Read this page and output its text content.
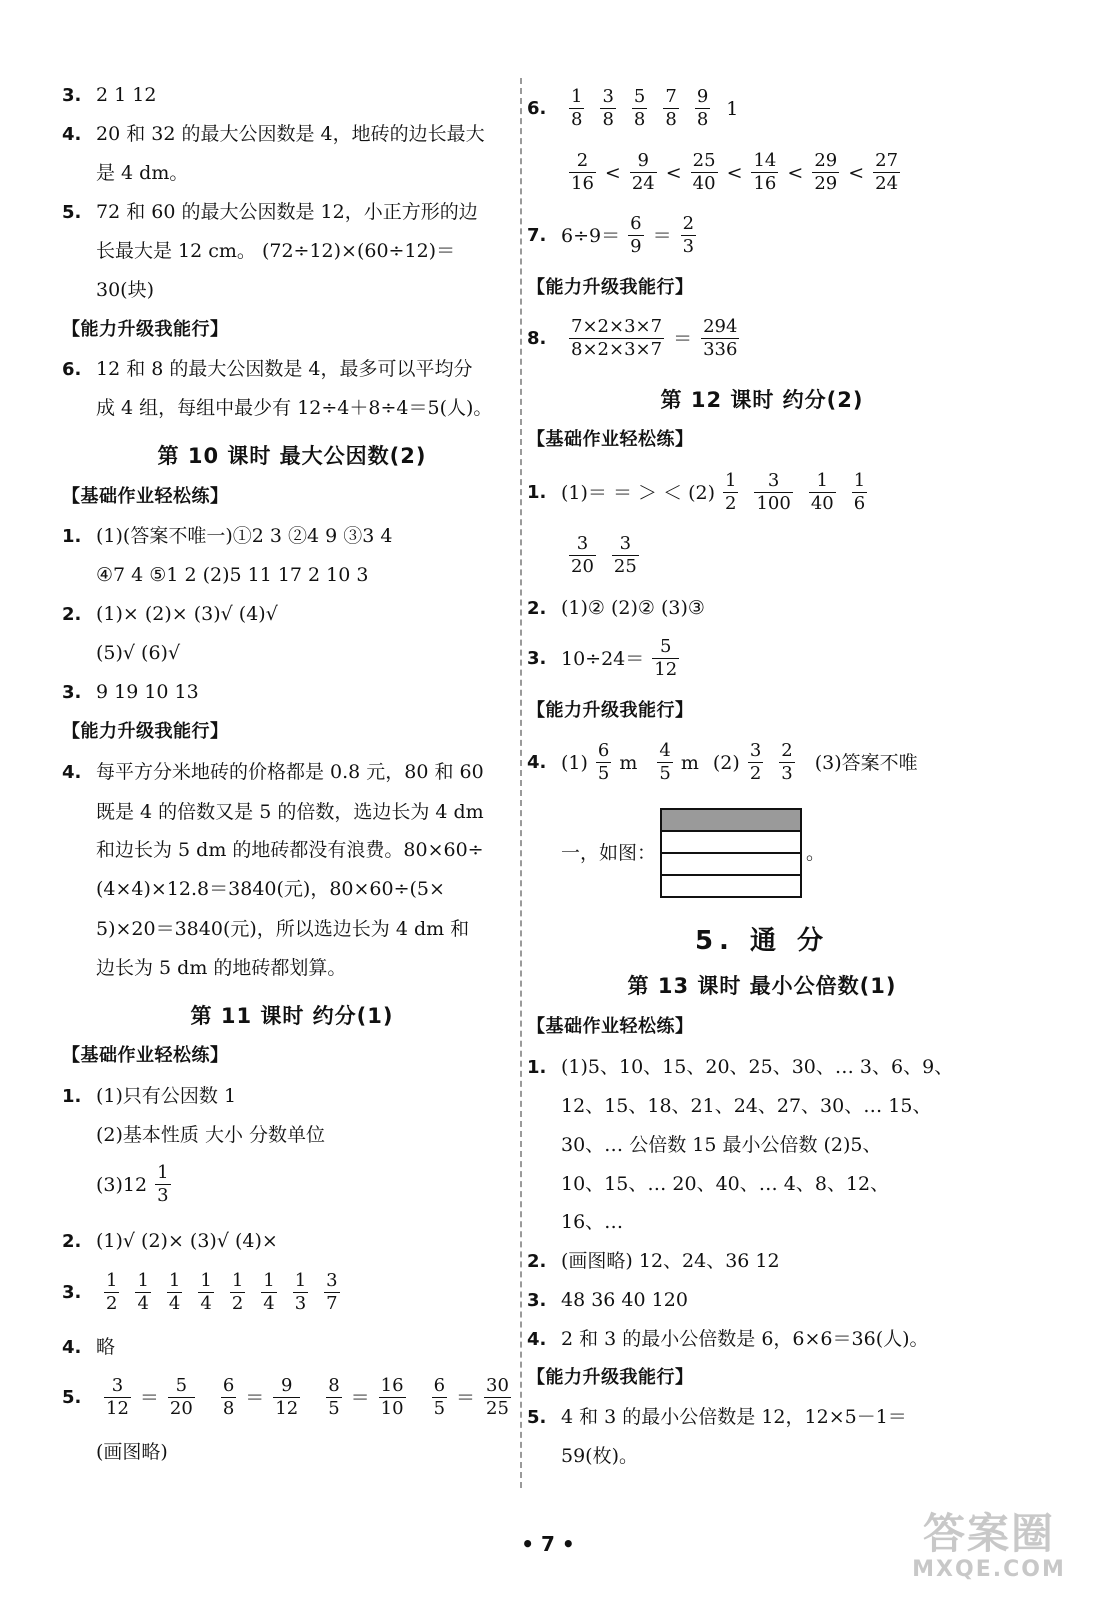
3. 2 1 12
4. 20 和 32 的最大公因数是 4，地砖的边长最大
是 4 dm。
5. 72 和 60 的最大公因数是 12，小正方形的边
长最大是 12 cm。 (72÷12)×(60÷12)＝
30(块)
【能力升级我能行】
6. 12 和 8 的最大公因数是 4，最多可以平均分
成 4 组，每组中最少有 12÷4＋8÷4＝5(人)。
第 10 课时 最大公因数(2)
【基础作业轻松练】
1. (1)(答案不唯一)①2 3 ②4 9 ③3 4
④7 4 ⑤1 2 (2)5 11 17 2 10 3
2. (1)× (2)× (3)√ (4)√
(5)√ (6)√
3. 9 19 10 13
【能力升级我能行】
4. 每平方分米地砖的价格都是 0.8 元，80 和 60
既是 4 的倍数又是 5 的倍数，选边长为 4 dm
和边长为 5 dm 的地砖都没有浪费。80×60÷
(4×4)×12.8＝3840(元)，80×60÷(5×
5)×20＝3840(元)，所以选边长为 4 dm 和
边长为 5 dm 的地砖都划算。
第 11 课时 约分(1)
【基础作业轻松练】
1. (1)只有公因数 1
(2)基本性质 大小 分数单位
$(3)12 \frac{1}{3}$
2. (1)√ (2)× (3)√ (4)×
3.	$\frac{1}{2} \frac{1}{4} \frac{1}{4} \frac{1}{4} \frac{1}{2} \frac{1}{4} \frac{1}{3} \frac{3}{7}$
4. 略
5.	$\frac{3}{12} = \frac{5}{20} \frac{6}{8} = \frac{9}{12} \frac{8}{5} = \frac{16}{10} \frac{6}{5} = \frac{30}{25}$
(画图略)
6.	$\frac{1}{8} \frac{3}{8} \frac{5}{8} \frac{7}{8} \frac{9}{8} 1$
$\frac{2}{16} < \frac{9}{24} < \frac{25}{40} < \frac{14}{16} < \frac{29}{29} < \frac{27}{24}$
7. $6\div 9= \frac{6}{9} = \frac{2}{3}$
【能力升级我能行】
8.	$\frac{7\times 2\times 3\times 7}{8\times 2\times 3\times 7} = \frac{294}{336}$
第 12 课时 约分(2)
【基础作业轻松练】
1. (1)＝ ＝ ＞ ＜ $(2) \frac{1}{2} \frac{3}{100} \frac{1}{40} \frac{1}{6}$
$\frac{3}{20} \frac{3}{25}$
2. (1)② (2)② (3)③
3. $10\div 24= \frac{5}{12}$
【能力升级我能行】
4. $(1) \frac{6}{5}$ m $\frac{4}{5}$ m $(2) \frac{3}{2} \frac{2}{3} (3)$答案不唯
一，如图：	。
5. 通 分
第 13 课时 最小公倍数(1)
【基础作业轻松练】
1. (1)5、10、15、20、25、30、… 3、6、9、
12、15、18、21、24、27、30、… 15、
30、… 公倍数 15 最小公倍数 (2)5、
10、15、… 20、40、… 4、8、12、
16、…
2. (画图略) 12、24、36 12
3. 48 36 40 120
4. 2 和 3 的最小公倍数是 6，6×6＝36(人)。
【能力升级我能行】
5. 4 和 3 的最小公倍数是 12，12×5－1＝
59(枚)。
• 7 •	答案圈
MXQE.COM
